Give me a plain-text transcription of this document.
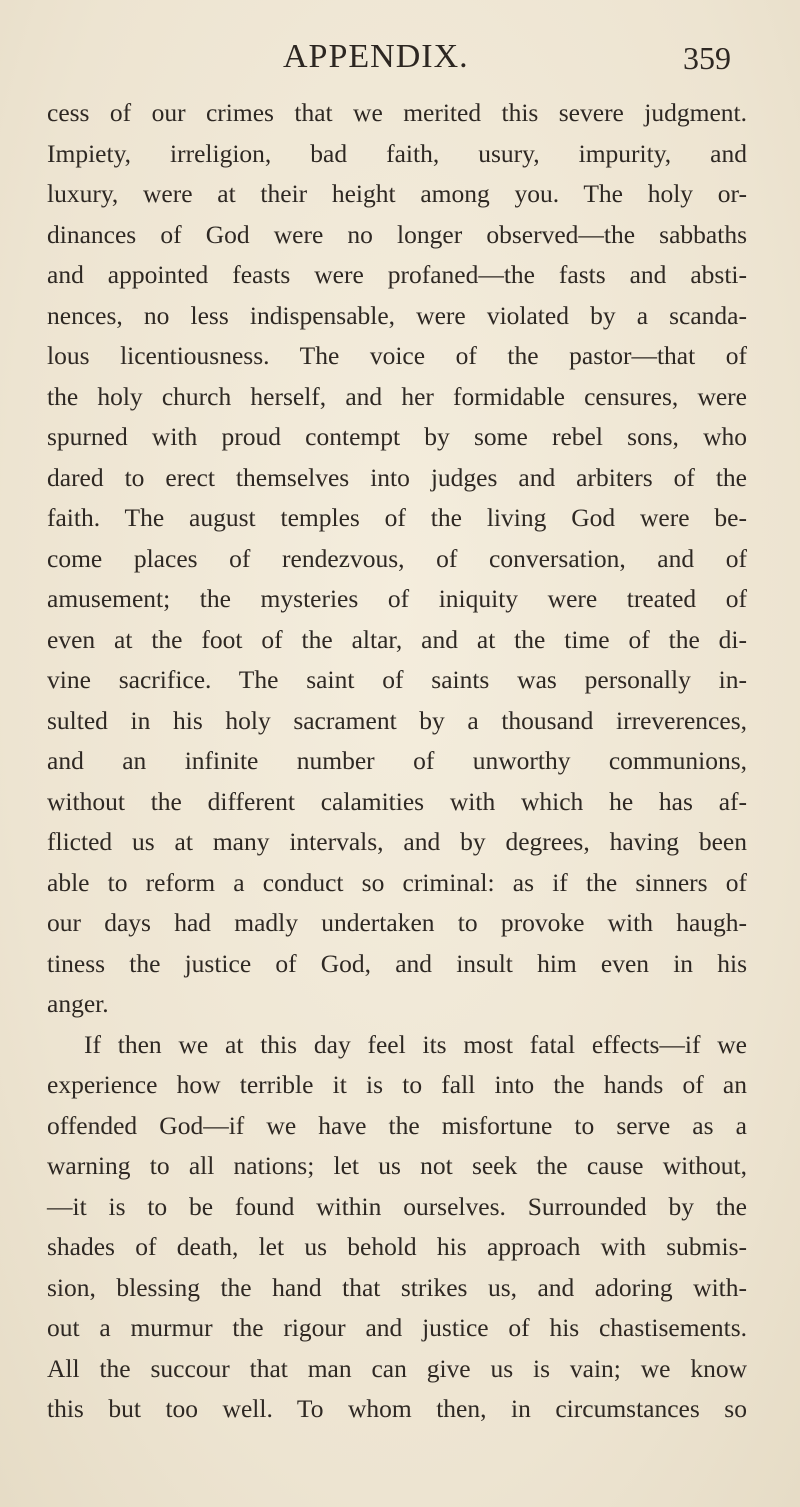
APPENDIX.	359
cess of our crimes that we merited this severe judgment.
Impiety, irreligion, bad faith, usury, impurity, and
luxury, were at their height among you. The holy or-
dinances of God were no longer observed—the sabbaths
and appointed feasts were profaned—the fasts and absti-
nences, no less indispensable, were violated by a scanda-
lous licentiousness. The voice of the pastor—that of
the holy church herself, and her formidable censures, were
spurned with proud contempt by some rebel sons, who
dared to erect themselves into judges and arbiters of the
faith. The august temples of the living God were be-
come places of rendezvous, of conversation, and of
amusement; the mysteries of iniquity were treated of
even at the foot of the altar, and at the time of the di-
vine sacrifice. The saint of saints was personally in-
sulted in his holy sacrament by a thousand irreverences,
and an infinite number of unworthy communions,
without the different calamities with which he has af-
flicted us at many intervals, and by degrees, having been
able to reform a conduct so criminal: as if the sinners of
our days had madly undertaken to provoke with haugh-
tiness the justice of God, and insult him even in his
anger.
If then we at this day feel its most fatal effects—if we
experience how terrible it is to fall into the hands of an
offended God—if we have the misfortune to serve as a
warning to all nations; let us not seek the cause without,
—it is to be found within ourselves. Surrounded by the
shades of death, let us behold his approach with submis-
sion, blessing the hand that strikes us, and adoring with-
out a murmur the rigour and justice of his chastisements.
All the succour that man can give us is vain; we know
this but too well. To whom then, in circumstances so
